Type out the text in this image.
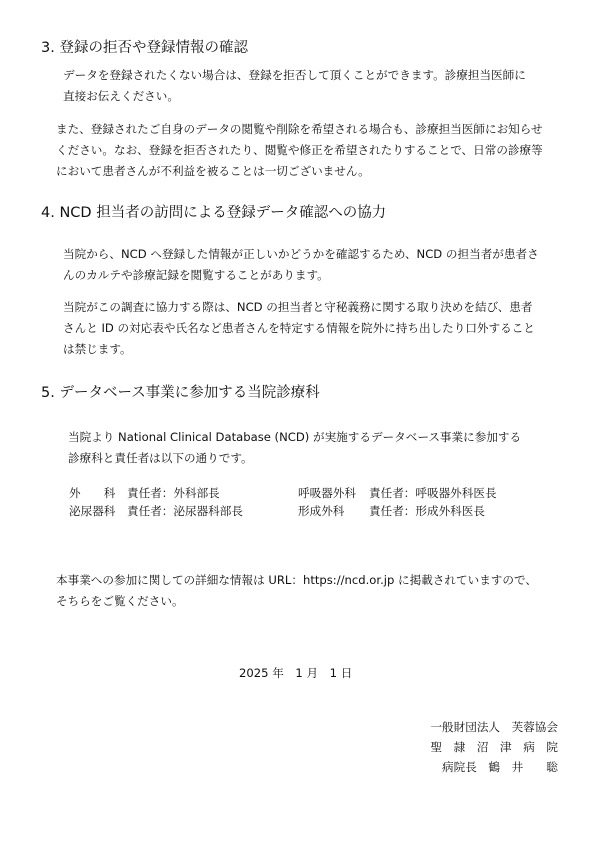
3. 登録の拒否や登録情報の確認
データを登録されたくない場合は、登録を拒否して頂くことができます。診療担当医師に
直接お伝えください。
また、登録されたご自身のデータの閲覧や削除を希望される場合も、診療担当医師にお知らせ
ください。なお、登録を拒否されたり、閲覧や修正を希望されたりすることで、日常の診療等
において患者さんが不利益を被ることは一切ございません。
4. NCD 担当者の訪問による登録データ確認への協力
当院から、NCD へ登録した情報が正しいかどうかを確認するため、NCD の担当者が患者さ
んのカルテや診療記録を閲覧することがあります。
当院がこの調査に協力する際は、NCD の担当者と守秘義務に関する取り決めを結び、患者
さんと ID の対応表や氏名など患者さんを特定する情報を院外に持ち出したり口外すること
は禁じます。
5. データベース事業に参加する当院診療科
当院より National Clinical Database (NCD) が実施するデータベース事業に参加する
診療科と責任者は以下の通りです。
外　　科 責任者：外科部長	呼吸器外科 責任者：呼吸器外科医長
泌尿器科 責任者：泌尿器科部長	形成外科 責任者：形成外科医長
本事業への参加に関しての詳細な情報は URL：https://ncd.or.jp に掲載されていますので、
そちらをご覧ください。
2025 年　1 月　1 日
一般財団法人　芙蓉協会
聖　隷　沼　津　病　院
病院長　鶴　井　　聡
